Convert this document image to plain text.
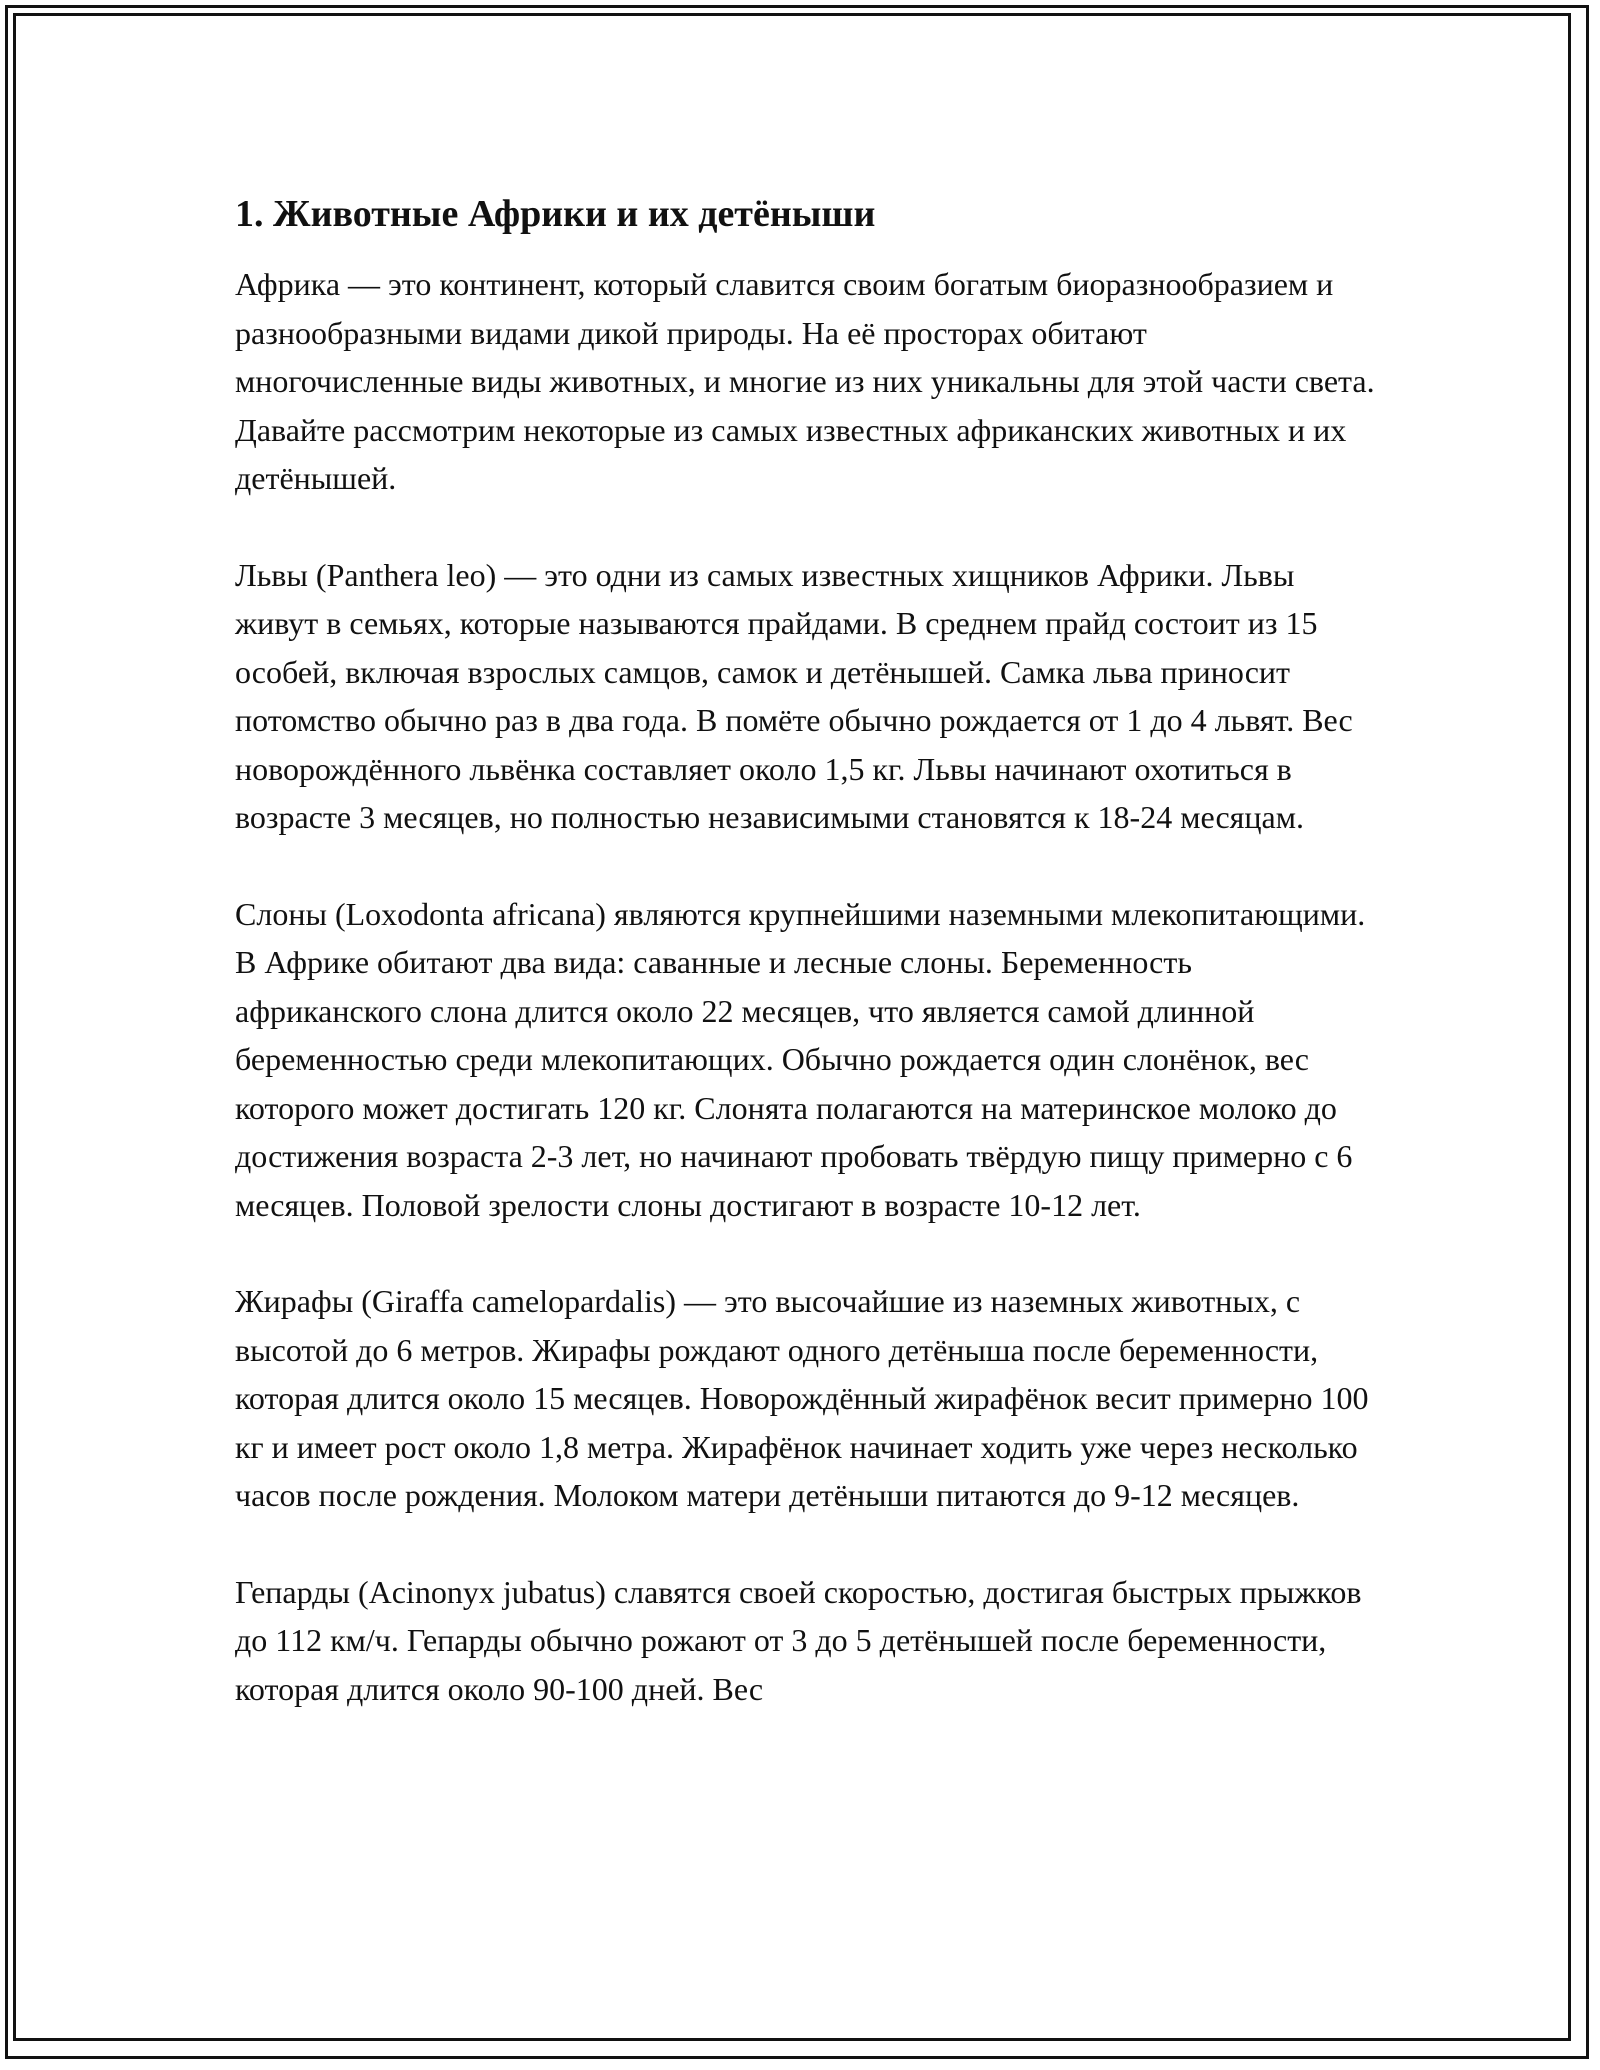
1. Животные Африки и их детёныши

Африка — это континент, который славится своим богатым биоразнообразием и разнообразными видами дикой природы. На её просторах обитают многочисленные виды животных, и многие из них уникальны для этой части света. Давайте рассмотрим некоторые из самых известных африканских животных и их детёнышей.

Львы (Panthera leo) — это одни из самых известных хищников Африки. Львы живут в семьях, которые называются прайдами. В среднем прайд состоит из 15 особей, включая взрослых самцов, самок и детёнышей. Самка льва приносит потомство обычно раз в два года. В помёте обычно рождается от 1 до 4 львят. Вес новорождённого львёнка составляет около 1,5 кг. Львы начинают охотиться в возрасте 3 месяцев, но полностью независимыми становятся к 18-24 месяцам.

Слоны (Loxodonta africana) являются крупнейшими наземными млекопитающими. В Африке обитают два вида: саванные и лесные слоны. Беременность африканского слона длится около 22 месяцев, что является самой длинной беременностью среди млекопитающих. Обычно рождается один слонёнок, вес которого может достигать 120 кг. Слонята полагаются на материнское молоко до достижения возраста 2-3 лет, но начинают пробовать твёрдую пищу примерно с 6 месяцев. Половой зрелости слоны достигают в возрасте 10-12 лет.

Жирафы (Giraffa camelopardalis) — это высочайшие из наземных животных, с высотой до 6 метров. Жирафы рождают одного детёныша после беременности, которая длится около 15 месяцев. Новорождённый жирафёнок весит примерно 100 кг и имеет рост около 1,8 метра. Жирафёнок начинает ходить уже через несколько часов после рождения. Молоком матери детёныши питаются до 9-12 месяцев.

Гепарды (Acinonyx jubatus) славятся своей скоростью, достигая быстрых прыжков до 112 км/ч. Гепарды обычно рожают от 3 до 5 детёнышей после беременности, которая длится около 90-100 дней. Вес
